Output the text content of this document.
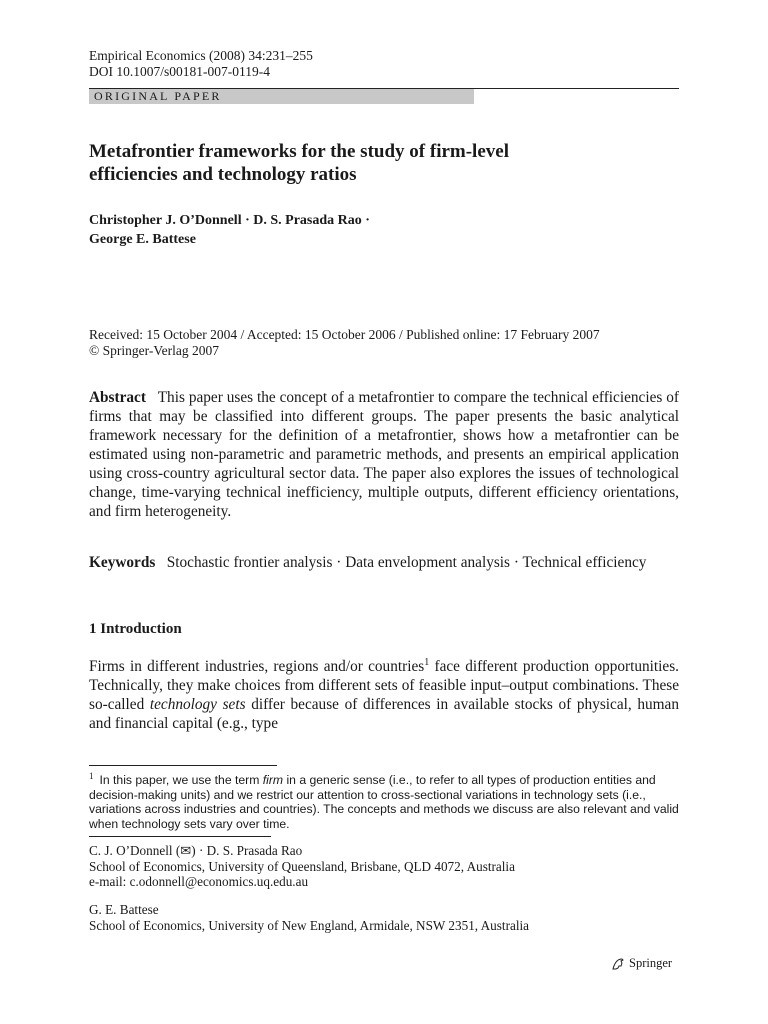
Empirical Economics (2008) 34:231–255
DOI 10.1007/s00181-007-0119-4
ORIGINAL PAPER
Metafrontier frameworks for the study of firm-level
efficiencies and technology ratios
Christopher J. O’Donnell · D. S. Prasada Rao ·
George E. Battese
Received: 15 October 2004 / Accepted: 15 October 2006 / Published online: 17 February 2007
© Springer-Verlag 2007
Abstract This paper uses the concept of a metafrontier to compare the technical efficiencies of firms that may be classified into different groups. The paper presents the basic analytical framework necessary for the definition of a metafrontier, shows how a metafrontier can be estimated using non-parametric and parametric methods, and presents an empirical application using cross-country agricultural sector data. The paper also explores the issues of technological change, time-varying technical inefficiency, multiple outputs, different efficiency orientations, and firm heterogeneity.
Keywords Stochastic frontier analysis · Data envelopment analysis · Technical efficiency
1 Introduction
Firms in different industries, regions and/or countries$^1$ face different production opportunities. Technically, they make choices from different sets of feasible input–output combinations. These so-called technology sets differ because of differences in available stocks of physical, human and financial capital (e.g., type
$^1$ In this paper, we use the term firm in a generic sense (i.e., to refer to all types of production entities and decision-making units) and we restrict our attention to cross-sectional variations in technology sets (i.e., variations across industries and countries). The concepts and methods we discuss are also relevant and valid when technology sets vary over time.
C. J. O’Donnell (✉) · D. S. Prasada Rao
School of Economics, University of Queensland, Brisbane, QLD 4072, Australia
e-mail: c.odonnell@economics.uq.edu.au
G. E. Battese
School of Economics, University of New England, Armidale, NSW 2351, Australia
Springer
